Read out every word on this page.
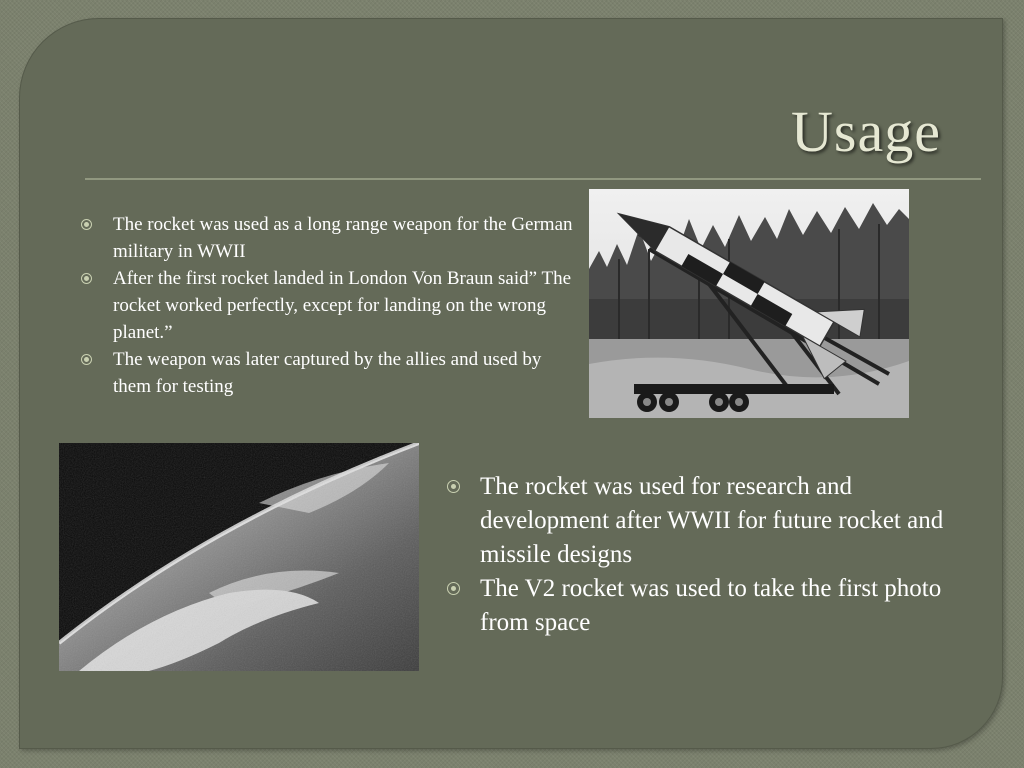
Usage
The rocket was used as a long range weapon for the German military in WWII
After the first rocket landed in London Von Braun said” The rocket worked perfectly, except for landing on the wrong planet.”
The weapon was later captured by the allies and used by them for testing
The rocket was used for research and development after WWII for future rocket and missile designs
The V2 rocket was used to take the first photo from space
